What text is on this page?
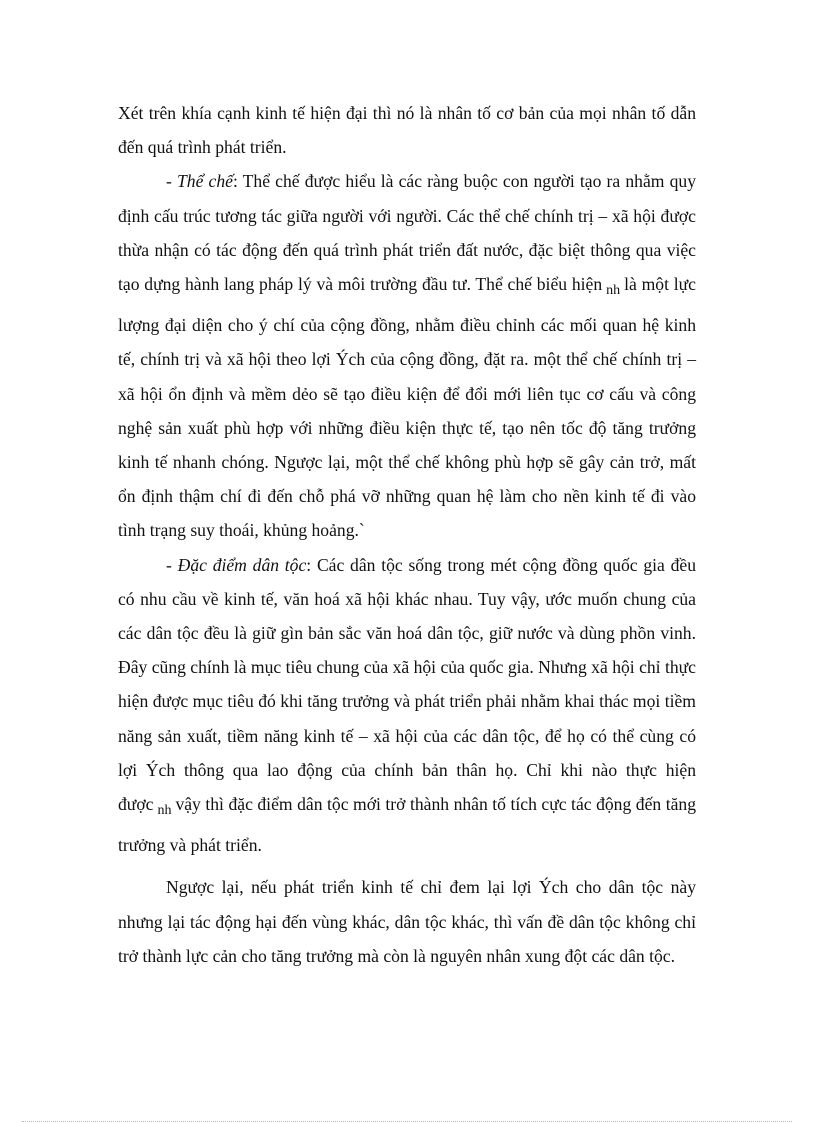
Xét trên khía cạnh kinh tế hiện đại thì nó là nhân tố cơ bản của mọi nhân tố dẫn đến quá trình phát triển.

- Thể chế: Thể chế được hiểu là các ràng buộc con người tạo ra nhằm quy định cấu trúc tương tác giữa người với người. Các thể chế chính trị – xã hội được thừa nhận có tác động đến quá trình phát triển đất nước, đặc biệt thông qua việc tạo dựng hành lang pháp lý và môi trường đầu tư. Thể chế biểu hiện $_{nh}$ là một lực lượng đại diện cho ý chí của cộng đồng, nhằm điều chỉnh các mối quan hệ kinh tế, chính trị và xã hội theo lợi Ých của cộng đồng, đặt ra. một thể chế chính trị – xã hội ổn định và mềm dẻo sẽ tạo điều kiện để đổi mới liên tục cơ cấu và công nghệ sản xuất phù hợp với những điều kiện thực tế, tạo nên tốc độ tăng trưởng kinh tế nhanh chóng. Ngược lại, một thể chế không phù hợp sẽ gây cản trở, mất ổn định thậm chí đi đến chỗ phá vỡ những quan hệ làm cho nền kinh tế đi vào tình trạng suy thoái, khủng hoảng.`

- Đặc điểm dân tộc: Các dân tộc sống trong mét cộng đồng quốc gia đều có nhu cầu về kinh tế, văn hoá xã hội khác nhau. Tuy vậy, ước muốn chung của các dân tộc đều là giữ gìn bản sắc văn hoá dân tộc, giữ nước và dùng phồn vinh. Đây cũng chính là mục tiêu chung của xã hội của quốc gia. Nhưng xã hội chỉ thực hiện được mục tiêu đó khi tăng trưởng và phát triển phải nhằm khai thác mọi tiềm năng sản xuất, tiềm năng kinh tế – xã hội của các dân tộc, để họ có thể cùng có lợi Ých thông qua lao động của chính bản thân họ. Chỉ khi nào thực hiện được $_{nh}$ vậy thì đặc điểm dân tộc mới trở thành nhân tố tích cực tác động đến tăng trưởng và phát triển.

Ngược lại, nếu phát triển kinh tế chỉ đem lại lợi Ých cho dân tộc này nhưng lại tác động hại đến vùng khác, dân tộc khác, thì vấn đề dân tộc không chỉ trở thành lực cản cho tăng trưởng mà còn là nguyên nhân xung đột các dân tộc.
